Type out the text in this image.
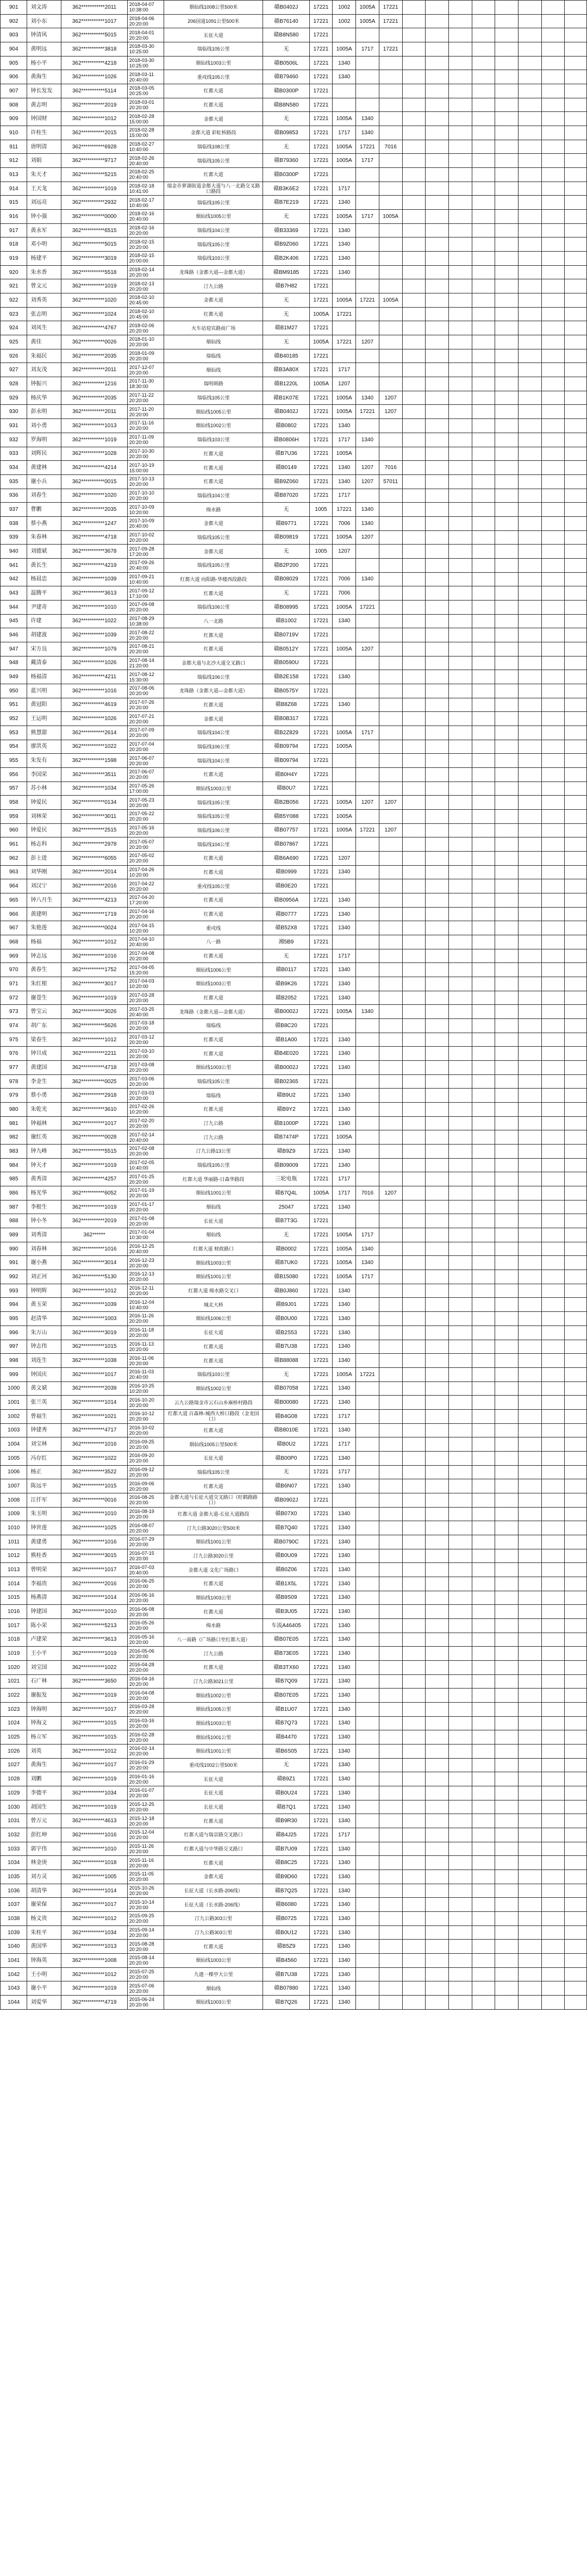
901	刘文涛	362***********2011	2018-04-07 10:38:00	烟仙线1008公里500米	赣B0402J	17221	1002	1005A	17221								
902	刘小东	362***********1017	2018-04-06 20:20:00	206国道1091公里500米	赣B76140	17221	1002	1005A	17221								
903	钟清风	362***********5015	2018-04-01 20:20:00	长征大道	赣B8N580	17221											
904	黄明远	362***********3818	2018-03-30 10:25:00	瑞临线105公里	无	17221	1005A	1717	17221								
905	杨小平	362***********4218	2018-03-30 10:25:00	烟仙线1003公里	赣B0506L	17221	1340										
906	黄海生	362***********1026	2018-03-11 20:40:00	重戍线105公里	赣B79460	17221	1340										
907	钟长发发	362***********5114	2018-03-05 20:25:00	红都大道	赣B0300P	17221											
908	黄志明	362***********2019	2018-03-01 20:20:00	红都大道	赣B8N580	17221											
909	钟国财	362***********1012	2018-02-28 15:00:00	金都大道	无	17221	1005A	1340									
910	许桂生	362***********2015	2018-02-28 15:00:00	金都大道 彩虹桥路段	赣B09853	17221	1717	1340									
911	唐明清	362***********6928	2018-02-27 10:40:00	瑞临线108公里	无	17221	1005A	17221	7016								
912	刘娟	362***********9717	2018-02-26 20:40:00	瑞临线105公里	赣B79360	17221	1005A	1717									
913	朱天才	362***********5215	2018-02-25 20:40:00	红都大道	赣B0300P	17221											
914	王天龙	362***********1019	2018-02-18 10:41:00	瑞金市萝湖街道金都大道与八一北路交叉路口路段	赣B3K6E2	17221	1717										
915	刘远亮	362***********2932	2018-02-17 10:40:00	瑞临线105公里	赣B7E219	17221	1340										
916	钟小强	362***********0000	2018-02-16 20:40:00	烟仙线1005公里	无	17221	1005A	1717	1005A								
917	黄永军	362***********6515	2018-02-16 20:20:00	瑞临线104公里	赣B33369	17221	1340										
918	邓小明	362***********5015	2018-02-15 20:20:00	瑞临线105公里	赣B9Z060	17221	1340										
919	杨建平	362***********3019	2018-02-15 20:00:00	瑞临线103公里	赣B2K406	17221	1340										
920	朱水香	362***********5518	2018-02-14 20:20:00	龙珠路（金都大道—金都大道）	赣BM9185	17221	1340										
921	曾文元	362***********1019	2018-02-13 20:20:00	汀九公路	赣B7H82	17221											
922	刘秀英	362***********1020	2018-02-10 20:45:00	金都大道	无	17221	1005A	17221	1005A								
923	张志明	362***********1024	2018-02-10 20:45:00	红都大道	无	1005A	17221										
924	刘凤生	362***********4767	2018-02-06 20:20:00	火车站迎宾路前广场	赣B1M27	17221											
925	黄佳	362***********0026	2018-01-10 20:20:00	烟仙线	无	1005A	17221	1207									
926	朱福民	362***********2035	2018-01-09 20:20:00	瑞临线	赣B40185	17221											
927	刘友茂	362***********2011	2017-12-07 20:20:00	烟仙线	赣B3A80X	17221	1717										
928	钟振兴	362***********1216	2017-11-30 18:30:00	瑞明韩路	赣B1220L	1005A	1207										
929	杨庆华	362***********2035	2017-11-22 20:20:00	瑞临线105公里	赣B1K07E	17221	1005A	1340	1207								
930	彭永明	362***********2011	2017-11-20 20:20:00	烟仙线1005公里	赣B0402J	17221	1005A	17221	1207								
931	刘小勇	362***********1013	2017-11-16 20:20:00	烟仙线1002公里	赣B0802	17221	1340										
932	罗海明	362***********1019	2017-11-09 20:20:00	瑞临线103公里	赣B0806H	17221	1717	1340									
933	刘辉民	362***********1028	2017-10-30 20:20:00	红都大道	赣B7U36	17221	1005A										
934	黄建林	362***********4214	2017-10-19 15:00:00	红都大道	赣B0149	17221	1340	1207	7016								
935	谢小兵	362***********0015	2017-10-13 20:20:00	红都大道	赣B9Z060	17221	1340	1207	57011								
936	刘春生	362***********1020	2017-10-10 20:20:00	瑞临线104公里	赣B87020	17221	1717										
937	曹鹏	362***********2035	2017-10-09 10:20:00	绵水路	无	1005	17221	1340									
938	蔡小燕	362***********1247	2017-10-09 20:40:00	金都大道	赣B9771	17221	7006	1340									
939	朱春林	362***********4718	2017-10-02 20:20:00	瑞临线105公里	赣B09819	17221	1005A	1207									
940	刘德斌	362***********3678	2017-09-28 17:20:00	金都大道	无	1005	1207										
941	黄长生	362***********4219	2017-09-26 20:40:00	瑞临线105公里	赣B2P200	17221											
942	杨晨忠	362***********1039	2017-09-21 10:40:00	红都大道 向阳路-华楼西段路段	赣B08029	17221	7006	1340									
943	温腾平	362***********3613	2017-09-12 17:10:00	红都大道	无	17221	7006										
944	尹建奇	362***********1010	2017-09-08 20:20:00	瑞临线106公里	赣B08995	17221	1005A	17221									
945	许建	362***********1022	2017-08-29 10:38:00	八一北路	赣B1002	17221	1340										
946	胡建波	362***********1039	2017-08-22 20:20:00	红都大道	赣B0719V	17221											
947	宋方良	362***********1079	2017-08-21 20:20:00	红都大道	赣B0512Y	17221	1005A	1207									
948	戴清泰	362***********1026	2017-08-14 21:20:00	金都大道与北沙大道交叉路口	赣B0590U	17221											
949	杨福清	362***********4211	2017-08-12 15:30:00	瑞临线106公里	赣B2E158	17221	1340										
950	蓝兴明	362***********1016	2017-08-06 20:20:00	龙珠路（金都大道—金都大道）	赣B0575Y	17221											
951	黄冠阳	362***********4619	2017-07-26 20:20:00	红都大道	赣B8Z68	17221	1340										
952	王运明	362***********1026	2017-07-21 20:20:00	金都大道	赣B0B317	17221											
953	熊慧甜	362***********2614	2017-07-09 20:20:00	瑞临线104公里	赣B2Z829	17221	1005A	1717									
954	廖洪英	362***********1022	2017-07-04 20:20:00	瑞临线106公里	赣B09794	17221	1005A										
955	朱发有	362***********1598	2017-06-07 20:20:00	瑞临线104公里	赣B09794	17221											
956	李国荣	362***********3511	2017-06-07 20:20:00	红都大道	赣B0H4Y	17221											
957	苏小林	362***********1034	2017-05-26 17:00:00	烟仙线1003公里	赣B0U7	17221											
958	钟爱民	362***********0134	2017-05-23 20:20:00	瑞临线105公里	赣B2B056	17221	1005A	1207	1207								
959	刘林荣	362***********3011	2017-05-22 20:20:00	瑞临线105公里	赣B5Y088	17221	1005A										
960	钟爱民	362***********2515	2017-05-16 20:20:00	瑞临线106公里	赣B07757	17221	1005A	17221	1207								
961	杨志科	362***********2978	2017-05-07 20:20:00	瑞临线104公里	赣B07867	17221											
962	彭士进	362***********6055	2017-05-02 20:20:00	红都大道	赣B6A690	17221	1207										
963	刘华刚	362***********2014	2017-04-26 10:20:00	红都大道	赣B0999	17221	1340										
964	刘汉宁	362***********2016	2017-04-22 20:20:00	重戍线105公里	赣B0E20	17221											
965	钟八月生	362***********4213	2017-04-20 17:20:00	红都大道	赣B0956A	17221	1340										
966	黄建明	362***********1719	2017-04-16 20:20:00	红都大道	赣B0777	17221	1340										
967	朱艳莲	362***********0024	2017-04-15 10:20:00	重戍线	赣B52X8	17221	1340										
968	杨福	362***********1012	2017-04-10 20:40:00	八一路	湘5B9	17221											
969	钟志远	362***********1016	2017-04-08 20:20:00	红都大道	无	17221	1717										
970	黄春生	362***********1752	2017-04-05 15:20:00	烟仙线1006公里	赣B0117	17221	1340										
971	朱红根	362***********3017	2017-04-03 10:20:00	烟仙线1003公里	赣B9K26	17221	1340										
972	谢苍生	362***********1019	2017-03-28 20:20:00	红都大道	赣B2052	17221	1340										
973	曾宝云	362***********3026	2017-03-25 20:40:00	龙珠路（金都大道—金都大道）	赣B0002J	17221	1005A	1340									
974	胡广东	362***********5626	2017-03-18 20:20:00	瑞临线	赣B8C20	17221											
975	梁春生	362***********1012	2017-03-12 20:20:00	红都大道	赣B1A00	17221	1340										
976	钟旦成	362***********2211	2017-03-10 20:20:00	红都大道	赣B4E020	17221	1340										
977	黄建国	362***********4718	2017-03-08 20:20:00	烟仙线1003公里	赣B0002J	17221	1340										
978	李金生	362***********0025	2017-03-06 20:20:00	瑞临线105公里	赣B02365	17221											
979	蔡小勇	362***********2918	2017-03-03 20:20:00	瑞临线	赣B9U2	17221	1340										
980	朱乾光	362***********3610	2017-02-26 10:20:00	红都大道	赣B9Y2	17221	1340										
981	钟福林	362***********1017	2017-02-20 20:20:00	汀九公路	赣B1000P	17221	1340										
982	谢红英	362***********0028	2017-02-14 20:40:00	汀九公路	赣B7474P	17221	1005A										
983	钟九峰	362***********5515	2017-02-08 20:20:00	汀九公路13公里	赣B9Z9	17221	1340										
984	钟天才	362***********1019	2017-02-05 10:40:00	瑞临线105公里	赣B09009	17221	1340										
985	黄秀清	362***********4257	2017-01-25 20:20:00	红都大道 华丽路-日森华路段	三轮电瓶	17221	1717										
986	杨光华	362***********6052	2017-01-19 20:20:00	烟仙线1001公里	赣B7Q4L	1005A	1717	7016	1207								
987	李根生	362***********1019	2017-01-17 20:20:00	烟仙线	25047	17221	1340										
988	钟小冬	362***********2019	2017-01-08 20:20:00	长征大道	赣B7T3G	17221											
989	刘秀清	362******	2017-01-04 10:30:00	烟仙线	无	17221	1005A	1717									
990	刘春林	362***********1016	2016-12-25 20:40:00	红都大道 财政路口	赣B0002	17221	1005A	1340									
991	谢小燕	362***********3014	2016-12-23 20:20:00	烟仙线1003公里	赣B7UK0	17221	1005A	1340									
992	刘正河	362***********5130	2016-12-13 20:20:00	烟仙线1001公里	赣B15080	17221	1005A	1717									
993	钟明辉	362***********1012	2016-12-11 20:20:00	红都大道 绵水路交叉口	赣B0J860	17221	1340										
994	黄玉荣	362***********1039	2016-12-04 10:40:00	城北大桥	赣B9J01	17221	1340										
995	赵清华	362***********1003	2016-11-26 20:20:00	烟仙线1006公里	赣B0U00	17221	1340										
996	朱万山	362***********3019	2016-11-18 20:20:00	长征大道	赣B2S53	17221	1340										
997	钟志伟	362***********1015	2016-11-13 20:20:00	红都大道	赣B7U38	17221	1340										
998	刘连生	362***********1038	2016-11-06 20:20:00	红都大道	赣B88088	17221	1340										
999	钟国庆	362***********1017	2016-11-03 20:40:00	瑞临线103公里	无	17221	1005A	17221									
1000	黄文斌	362***********2039	2016-10-25 10:20:00	烟仙线1002公里	赣B07058	17221	1340										
1001	张兰英	362***********1014	2016-10-20 20:20:00	云九公路瑞金市云石山乡麻桥村路段	赣B00080	17221	1340										
1002	曾福生	362***********1021	2016-10-12 20:20:00	红都大道 百森林-城西大桥口路段（金龙园口）	赣B4G08	17221	1717										
1003	钟建秀	362***********4717	2016-10-02 20:20:00	红都大道	赣B8010E	17221	1340										
1004	刘宝林	362***********1016	2016-09-25 20:20:00	烟仙线1005公里500米	赣B0U2	17221	1717										
1005	冯存红	362***********1022	2016-09-20 20:20:00	长征大道	赣B00P0	17221	1340										
1006	杨正	362***********3522	2016-09-12 20:20:00	瑞临线105公里	无	17221	1717										
1007	陈远平	362***********1015	2016-09-06 20:20:00	红都大道	赣B6N07	17221	1340										
1008	江仟军	362***********0016	2016-08-25 20:20:00	金都大道与长征大道交叉路口（旺鹤路路口）	赣B0902J	17221											
1009	朱玉明	362***********1010	2016-08-19 20:20:00	红都大道 金都大道-长征大道路段	赣B07X0	17221	1340										
1010	钟世莲	362***********1025	2016-08-07 20:20:00	汀九公路3020公里500米	赣B7Q40	17221	1340										
1011	黄建勇	362***********1016	2016-07-29 20:20:00	烟仙线1001公里	赣B0790C	17221	1340										
1012	熊桂香	362***********3015	2016-07-15 20:20:00	汀九公路3020公里	赣B0U09	17221	1340										
1013	曾明荣	362***********1017	2016-07-03 20:40:00	金都大道 文化广场路口	赣B0Z06	17221	1340										
1014	李福贵	362***********2016	2016-06-25 20:20:00	红都大道	赣B1X5L	17221	1340										
1015	杨燕清	362***********1014	2016-06-16 20:20:00	烟仙线1003公里	赣B9S09	17221	1340										
1016	钟建国	362***********1010	2016-06-08 20:20:00	红都大道	赣B3U05	17221	1340										
1017	陈小荣	362***********5213	2016-05-26 20:20:00	绵水路	车流A46405	17221	1340										
1018	卢建荣	362***********3613	2016-05-16 20:20:00	八一南路（广场路口至红都大道）	赣B07E05	17221	1340										
1019	王小平	362***********1019	2016-05-06 20:20:00	汀九公路	赣B73E05	17221	1340										
1020	刘宝国	362***********1022	2016-04-28 20:20:00	红都大道	赣B3TX60	17221	1340										
1021	石广林	362***********3650	2016-04-16 20:20:00	汀九公路3021公里	赣B7Q09	17221	1340										
1022	谢振发	362***********1019	2016-04-08 20:20:00	烟仙线1002公里	赣B07E05	17221	1340										
1023	钟海明	362***********1017	2016-03-28 20:20:00	烟仙线1005公里	赣B1U07	17221	1340										
1024	钟海文	362***********1015	2016-03-16 20:20:00	烟仙线1003公里	赣B7Q73	17221	1340										
1025	杨立军	362***********1015	2016-02-28 20:20:00	烟仙线1001公里	赣B4470	17221	1340										
1026	刘英	362***********1012	2016-02-14 20:20:00	烟仙线1001公里	赣B6S05	17221	1340										
1027	黄海生	362***********1017	2016-01-29 20:20:00	重戍线1002公里500米	无	17221	1340										
1028	刘鹏	362***********1019	2016-01-16 20:20:00	长征大道	赣B9Z1	17221	1340										
1029	李德平	362***********1034	2016-01-07 20:20:00	长征大道	赣B0U24	17221	1340										
1030	胡国生	362***********1019	2015-12-25 20:20:00	长征大道	赣B7Q1	17221	1340										
1031	曾万元	362***********4613	2015-12-18 20:20:00	红都大道	赣B9R30	17221	1340										
1032	彭红坤	362***********1016	2015-12-04 20:20:00	红都大道与瑞京路交叉路口	赣B4J25	17221	1717										
1033	郭宇伟	362***********1010	2015-11-26 20:20:00	红都大道与中华路交叉路口	赣B7U09	17221	1340										
1034	林金庚	362***********1018	2015-11-16 20:20:00	红都大道	赣B8C25	17221	1340										
1035	刘方灵	362***********1005	2015-11-05 20:20:00	金都大道	赣B9D60	17221	1340										
1036	胡清华	362***********1014	2015-10-26 20:20:00	长征大道（长水路-206线）	赣B7Q25	17221	1340										
1037	谢荣保	362***********1017	2015-10-14 20:20:00	长征大道（长水路-206线）	赣B6080	17221	1340										
1038	杨文贵	362***********1012	2015-09-25 20:20:00	汀九公路303公里	赣B0725	17221	1340										
1039	朱桂平	362***********1034	2015-09-14 20:20:00	汀九公路303公里	赣B0U12	17221	1340										
1040	黄国华	362***********1013	2015-08-28 20:20:00	红都大道	赣B5Z9	17221	1340										
1041	钟海英	362***********1008	2015-08-14 20:20:00	烟仙线1003公里	赣B4560	17221	1340										
1042	王小明	362***********1012	2015-07-25 20:20:00	九遗一棵亭大公里	赣B7U38	17221	1340										
1043	谢小平	362***********1019	2015-07-06 20:20:00	烟仙线	赣B07880	17221	1340										
1044	刘爱华	362***********4719	2015-06-24 20:20:00	烟仙线1003公里	赣B7Q26	17221	1340										
